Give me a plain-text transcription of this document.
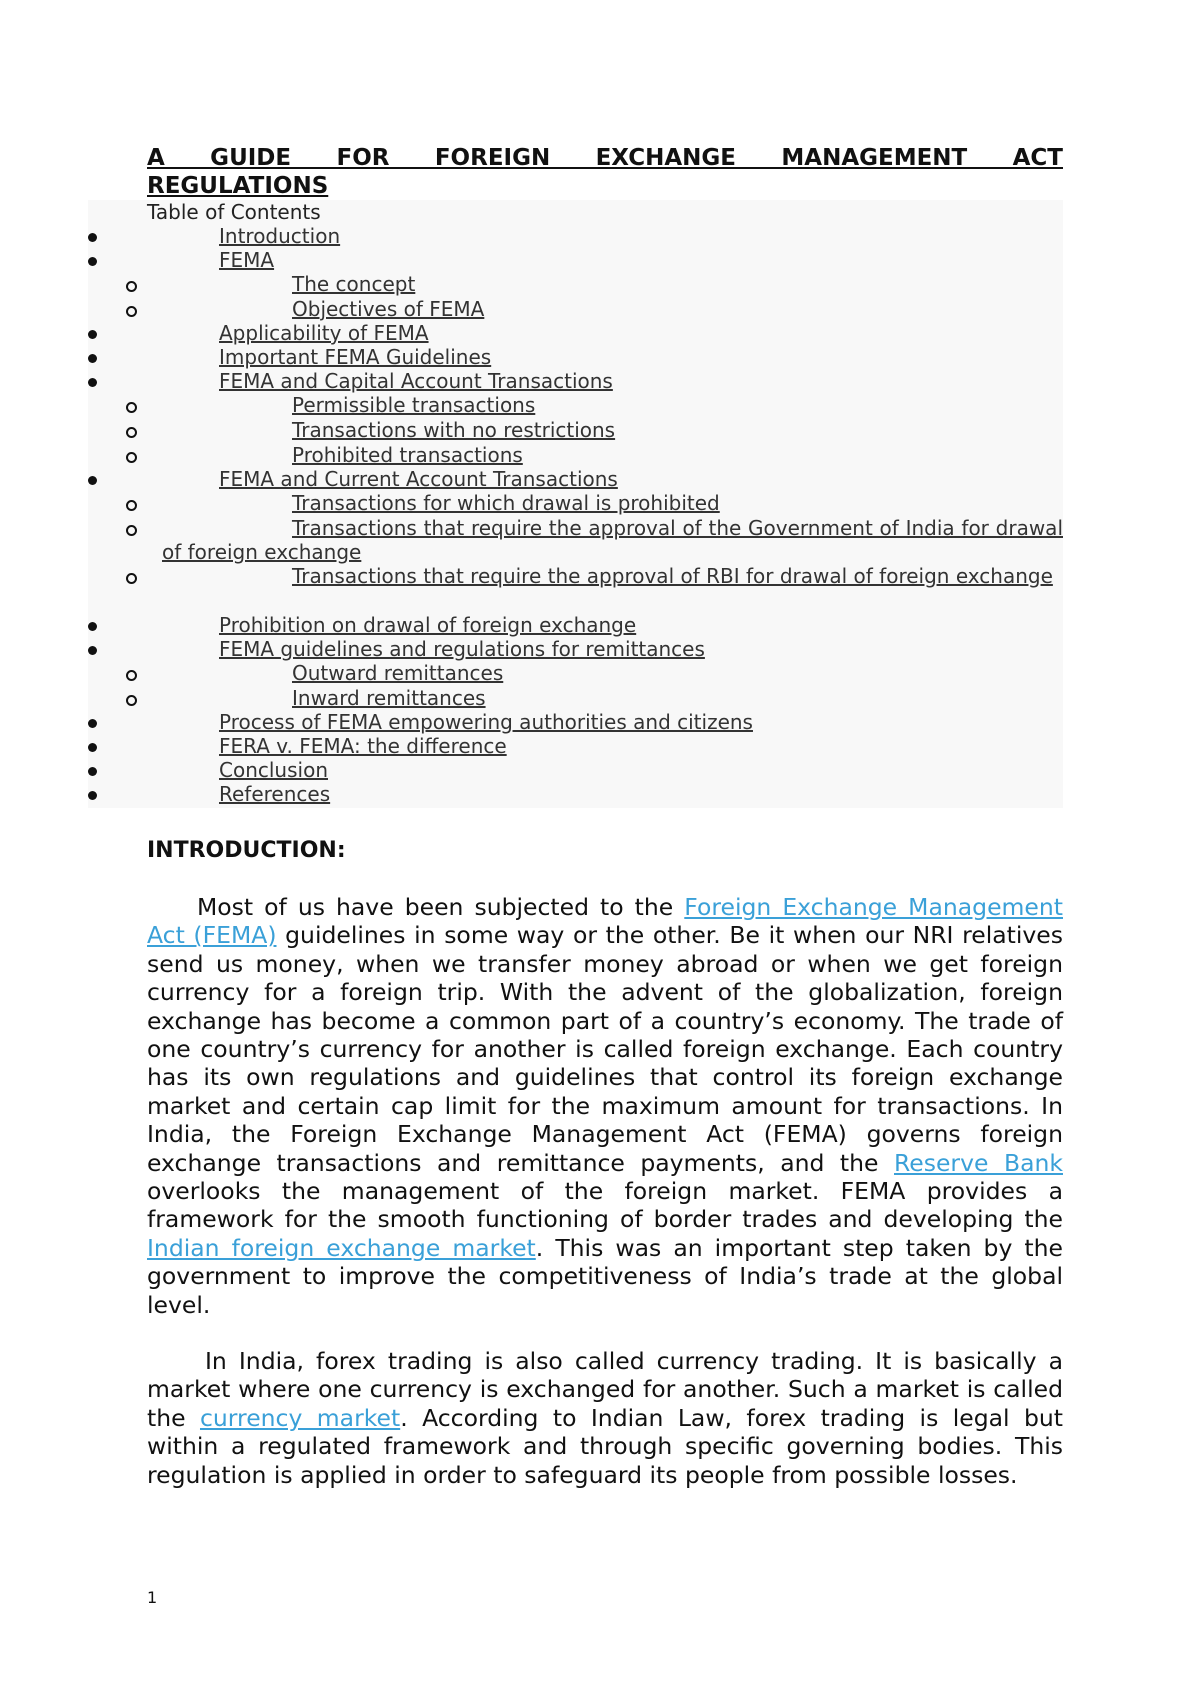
A GUIDE FOR FOREIGN EXCHANGE MANAGEMENT ACT
REGULATIONS
Table of Contents
Introduction
FEMA
The concept
Objectives of FEMA
Applicability of FEMA
Important FEMA Guidelines
FEMA and Capital Account Transactions
Permissible transactions
Transactions with no restrictions
Prohibited transactions
FEMA and Current Account Transactions
Transactions for which drawal is prohibited
Transactions that require the approval of the Government of India for drawal of foreign exchange
Transactions that require the approval of RBI for drawal of foreign exchange
Prohibition on drawal of foreign exchange
FEMA guidelines and regulations for remittances
Outward remittances
Inward remittances
Process of FEMA empowering authorities and citizens
FERA v. FEMA: the difference
Conclusion
References
INTRODUCTION:
Most of us have been subjected to the Foreign Exchange Management Act (FEMA) guidelines in some way or the other. Be it when our NRI relatives send us money, when we transfer money abroad or when we get foreign currency for a foreign trip. With the advent of the globalization, foreign exchange has become a common part of a country’s economy. The trade of one country’s currency for another is called foreign exchange. Each country has its own regulations and guidelines that control its foreign exchange market and certain cap limit for the maximum amount for transactions. In India, the Foreign Exchange Management Act (FEMA) governs foreign exchange transactions and remittance payments, and the Reserve Bank overlooks the management of the foreign market. FEMA provides a framework for the smooth functioning of border trades and developing the Indian foreign exchange market. This was an important step taken by the government to improve the competitiveness of India’s trade at the global level.
In India, forex trading is also called currency trading. It is basically a market where one currency is exchanged for another. Such a market is called the currency market. According to Indian Law, forex trading is legal but within a regulated framework and through specific governing bodies. This regulation is applied in order to safeguard its people from possible losses.
1
